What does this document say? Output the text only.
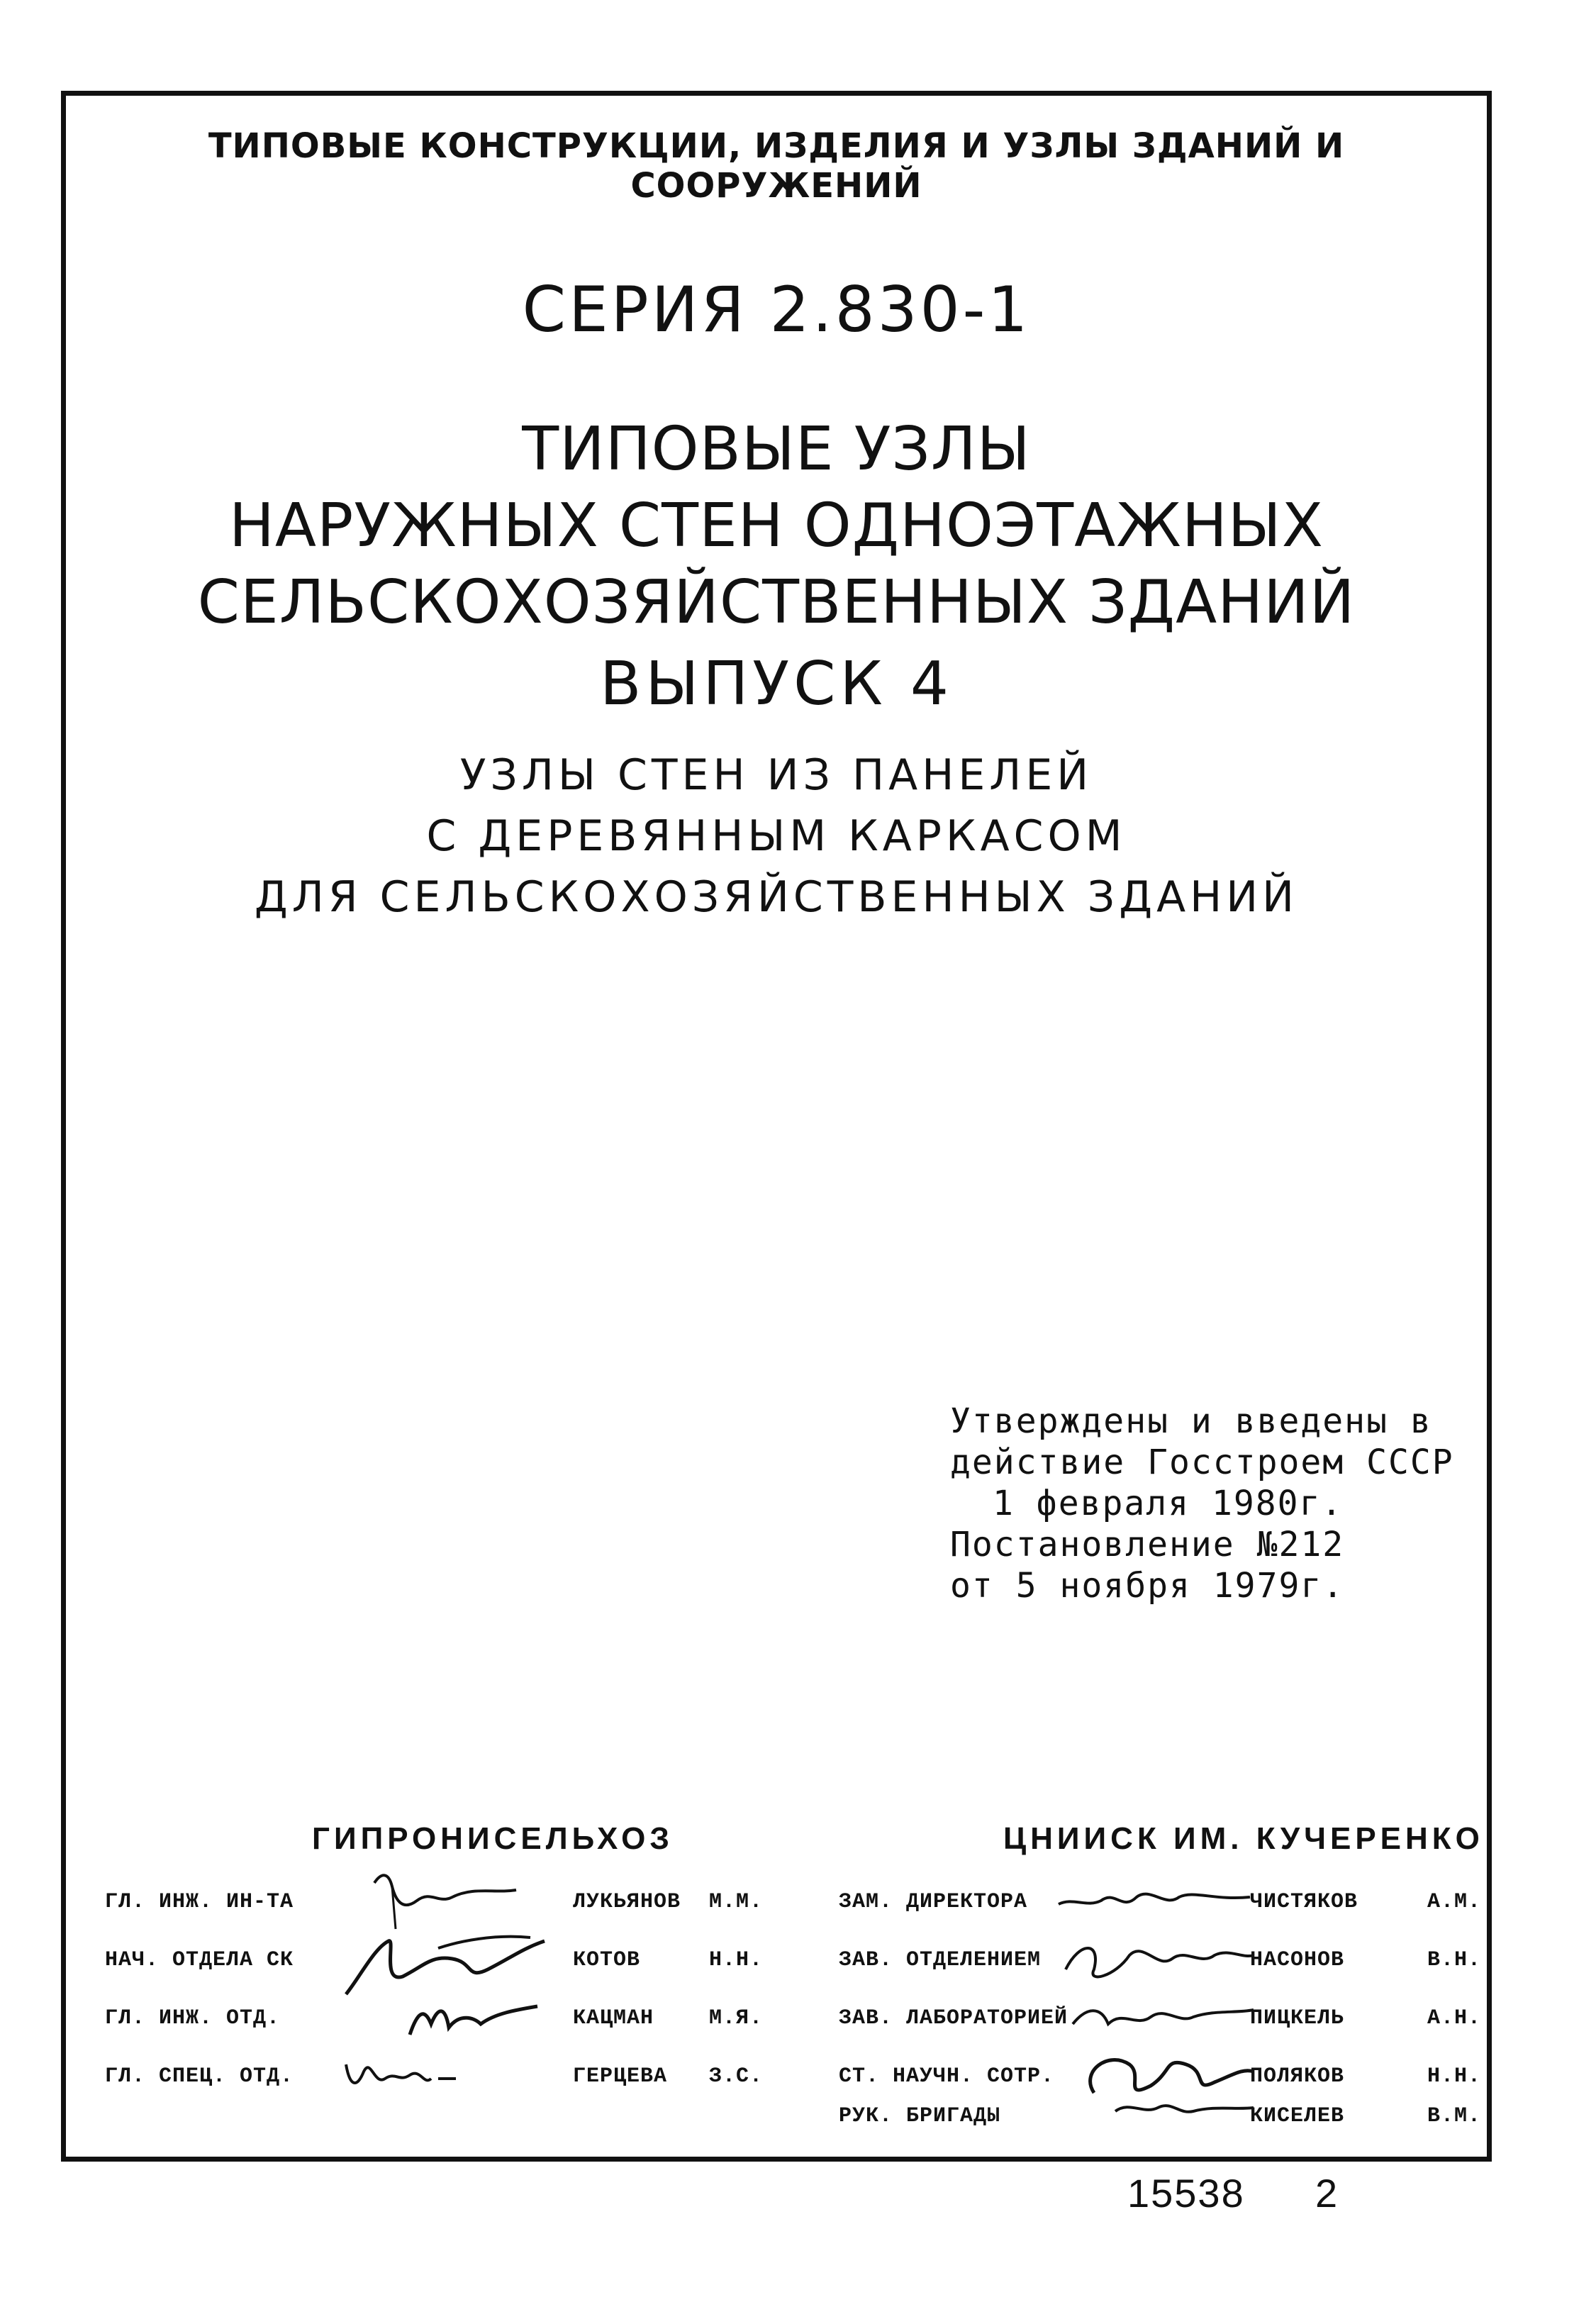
ТИПОВЫЕ КОНСТРУКЦИИ, ИЗДЕЛИЯ И УЗЛЫ ЗДАНИЙ И СООРУЖЕНИЙ
СЕРИЯ 2.830-1
ТИПОВЫЕ УЗЛЫ
НАРУЖНЫХ СТЕН ОДНОЭТАЖНЫХ
СЕЛЬСКОХОЗЯЙСТВЕННЫХ ЗДАНИЙ
ВЫПУСК 4
УЗЛЫ СТЕН ИЗ ПАНЕЛЕЙ
С ДЕРЕВЯННЫМ КАРКАСОМ
ДЛЯ СЕЛЬСКОХОЗЯЙСТВЕННЫХ ЗДАНИЙ
Утверждены и введены в
действие Госстроем СССР
1 февраля 1980г.
Постановление №212
от 5 ноября 1979г.
ГИПРОНИСЕЛЬХОЗ	ЦНИИСК ИМ. КУЧЕРЕНКО
ГЛ. ИНЖ. ИН-ТА	ЛУКЬЯНОВ М.М.
НАЧ. ОТДЕЛА СК	КОТОВ	Н.Н.
ГЛ. ИНЖ. ОТД.	КАЦМАН	М.Я.
ГЛ. СПЕЦ. ОТД.	ГЕРЦЕВА З.С.
ЗАМ. ДИРЕКТОРА	ЧИСТЯКОВ	А.М.
ЗАВ. ОТДЕЛЕНИЕМ	НАСОНОВ	В.Н.
ЗАВ. ЛАБОРАТОРИЕЙ	ПИЦКЕЛЬ	А.Н.
СТ. НАУЧН. СОТР.	ПОЛЯКОВ	Н.Н.
РУК. БРИГАДЫ	КИСЕЛЕВ	В.М.
15538 2
